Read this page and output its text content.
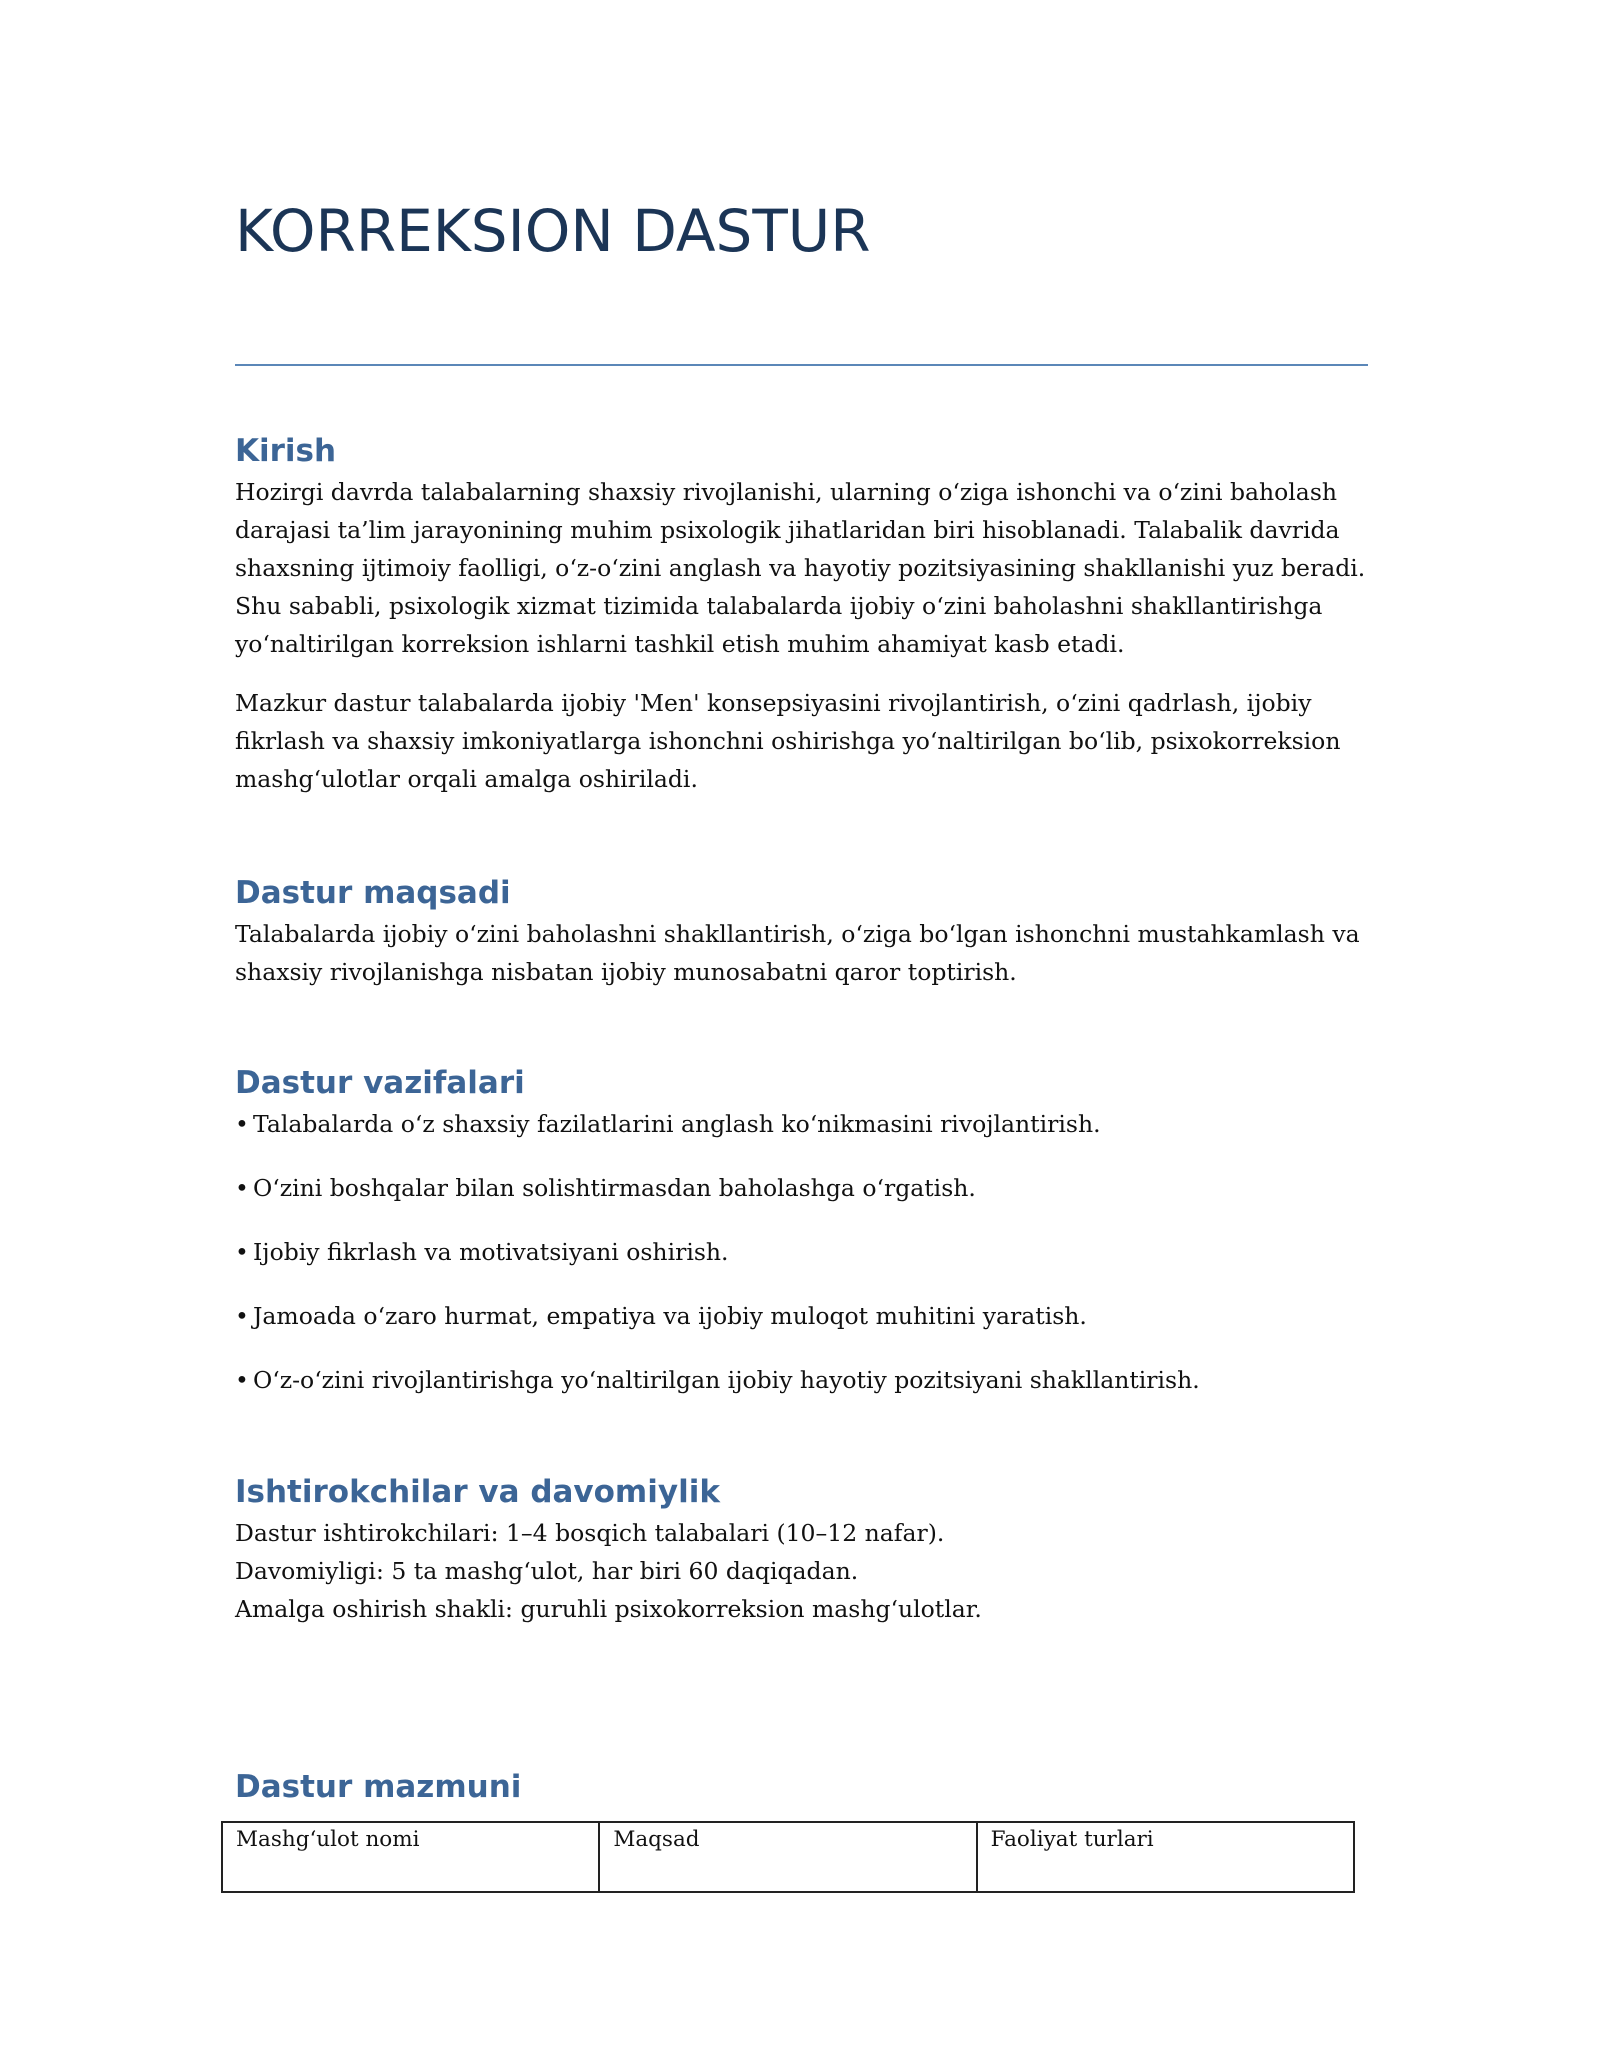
KORREKSION DASTUR
Kirish

Hozirgi davrda talabalarning shaxsiy rivojlanishi, ularning oʻziga ishonchi va oʻzini baholash darajasi ta’lim jarayonining muhim psixologik jihatlaridan biri hisoblanadi. Talabalik davrida shaxsning ijtimoiy faolligi, oʻz-oʻzini anglash va hayotiy pozitsiyasining shakllanishi yuz beradi. Shu sababli, psixologik xizmat tizimida talabalarda ijobiy oʻzini baholashni shakllantirishga yoʻnaltirilgan korreksion ishlarni tashkil etish muhim ahamiyat kasb etadi.

Mazkur dastur talabalarda ijobiy 'Men' konsepsiyasini rivojlantirish, oʻzini qadrlash, ijobiy fikrlash va shaxsiy imkoniyatlarga ishonchni oshirishga yoʻnaltirilgan boʻlib, psixokorreksion mashgʻulotlar orqali amalga oshiriladi.

Dastur maqsadi

Talabalarda ijobiy oʻzini baholashni shakllantirish, oʻziga boʻlgan ishonchni mustahkamlash va shaxsiy rivojlanishga nisbatan ijobiy munosabatni qaror toptirish.

Dastur vazifalari
• Talabalarda oʻz shaxsiy fazilatlarini anglash koʻnikmasini rivojlantirish.
• Oʻzini boshqalar bilan solishtirmasdan baholashga oʻrgatish.
• Ijobiy fikrlash va motivatsiyani oshirish.
• Jamoada oʻzaro hurmat, empatiya va ijobiy muloqot muhitini yaratish.
• Oʻz-oʻzini rivojlantirishga yoʻnaltirilgan ijobiy hayotiy pozitsiyani shakllantirish.
Ishtirokchilar va davomiylik
Dastur ishtirokchilari: 1–4 bosqich talabalari (10–12 nafar).
Davomiyligi: 5 ta mashgʻulot, har biri 60 daqiqadan.
Amalga oshirish shakli: guruhli psixokorreksion mashgʻulotlar.
Dastur mazmuni
Mashgʻulot nomi	Maqsad	Faoliyat turlari
